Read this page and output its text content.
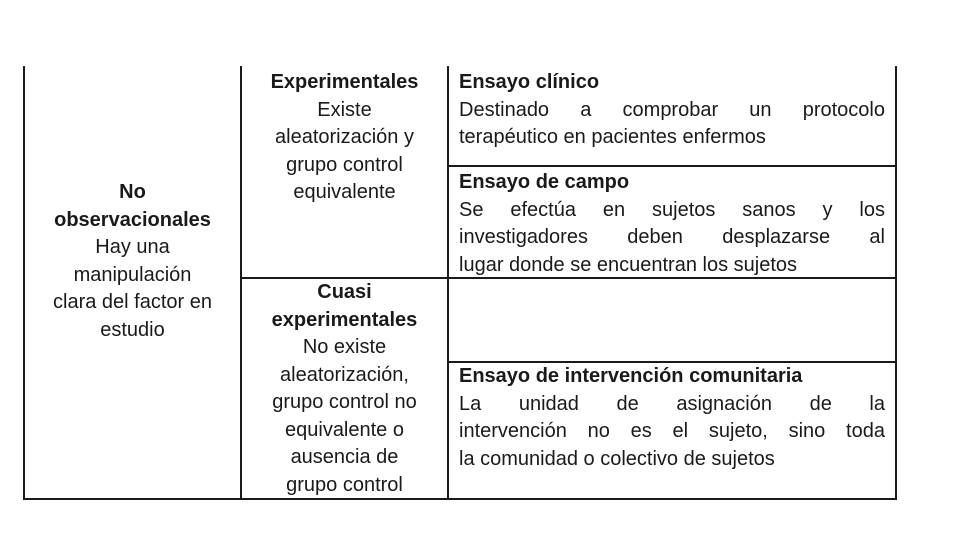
No
observacionales
Hay una
manipulación
clara del factor en
estudio
Experimentales
Existe
aleatorización y
grupo control
equivalente
Cuasi
experimentales
No existe
aleatorización,
grupo control no
equivalente o
ausencia de
grupo control
Ensayo clínico
Destinado a comprobar un protocolo
terapéutico en pacientes enfermos
Ensayo de campo
Se efectúa en sujetos sanos y los
investigadores deben desplazarse al
lugar donde se encuentran los sujetos
Ensayo de intervención comunitaria
La unidad de asignación de la
intervención no es el sujeto, sino toda
la comunidad o colectivo de sujetos
